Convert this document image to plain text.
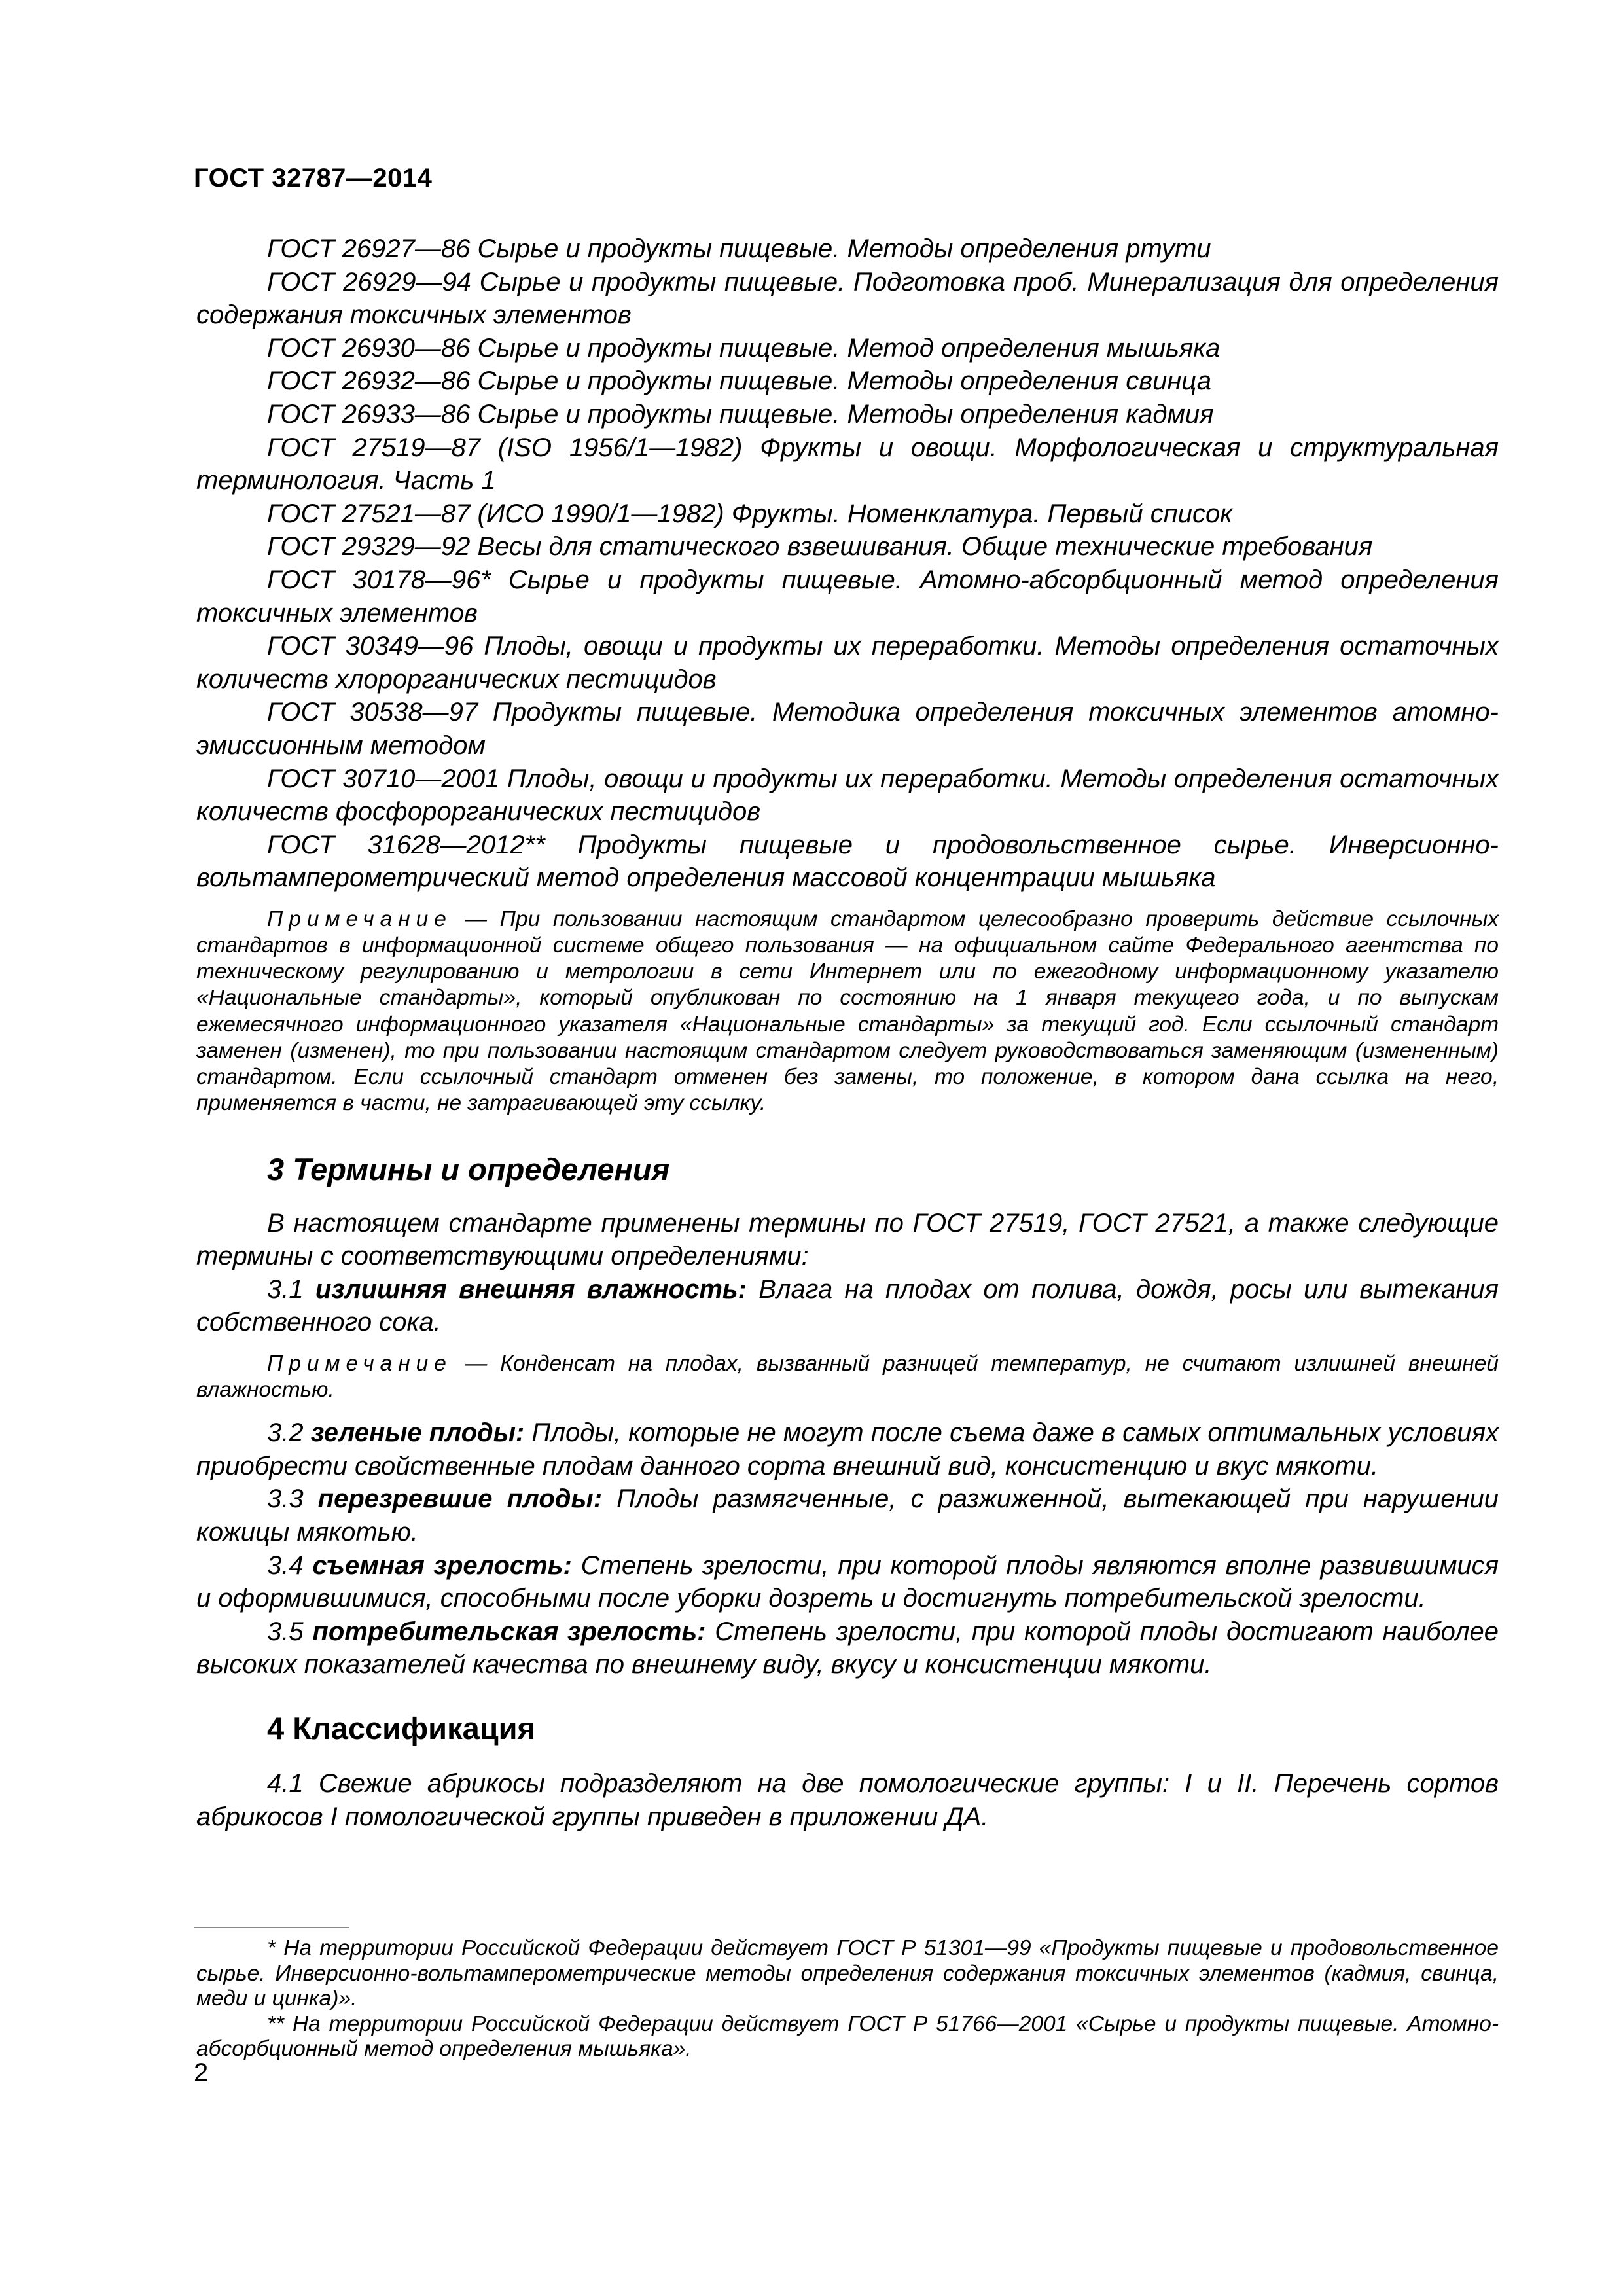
ГОСТ 32787—2014

ГОСТ 26927—86 Сырье и продукты пищевые. Методы определения ртути

ГОСТ 26929—94 Сырье и продукты пищевые. Подготовка проб. Минерализация для определения содержания токсичных элементов

ГОСТ 26930—86 Сырье и продукты пищевые. Метод определения мышьяка

ГОСТ 26932—86 Сырье и продукты пищевые. Методы определения свинца

ГОСТ 26933—86 Сырье и продукты пищевые. Методы определения кадмия

ГОСТ 27519—87 (ISO 1956/1—1982) Фрукты и овощи. Морфологическая и структуральная терминология. Часть 1

ГОСТ 27521—87 (ИСО 1990/1—1982) Фрукты. Номенклатура. Первый список

ГОСТ 29329—92 Весы для статического взвешивания. Общие технические требования

ГОСТ 30178—96* Сырье и продукты пищевые. Атомно-абсорбционный метод определения токсичных элементов

ГОСТ 30349—96 Плоды, овощи и продукты их переработки. Методы определения остаточных количеств хлорорганических пестицидов

ГОСТ 30538—97 Продукты пищевые. Методика определения токсичных элементов атомно-эмиссионным методом

ГОСТ 30710—2001 Плоды, овощи и продукты их переработки. Методы определения остаточных количеств фосфорорганических пестицидов

ГОСТ 31628—2012** Продукты пищевые и продовольственное сырье. Инверсионно-вольтамперометрический метод определения массовой концентрации мышьяка

Примечание — При пользовании настоящим стандартом целесообразно проверить действие ссылочных стандартов в информационной системе общего пользования — на официальном сайте Федерального агентства по техническому регулированию и метрологии в сети Интернет или по ежегодному информационному указателю «Национальные стандарты», который опубликован по состоянию на 1 января текущего года, и по выпускам ежемесячного информационного указателя «Национальные стандарты» за текущий год. Если ссылочный стандарт заменен (изменен), то при пользовании настоящим стандартом следует руководствоваться заменяющим (измененным) стандартом. Если ссылочный стандарт отменен без замены, то положение, в котором дана ссылка на него, применяется в части, не затрагивающей эту ссылку.

3 Термины и определения

В настоящем стандарте применены термины по ГОСТ 27519, ГОСТ 27521, а также следующие термины с соответствующими определениями:

3.1 излишняя внешняя влажность: Влага на плодах от полива, дождя, росы или вытекания собственного сока.

Примечание — Конденсат на плодах, вызванный разницей температур, не считают излишней внешней влажностью.

3.2 зеленые плоды: Плоды, которые не могут после съема даже в самых оптимальных условиях приобрести свойственные плодам данного сорта внешний вид, консистенцию и вкус мякоти.

3.3 перезревшие плоды: Плоды размягченные, с разжиженной, вытекающей при нарушении кожицы мякотью.

3.4 съемная зрелость: Степень зрелости, при которой плоды являются вполне развившимися и оформившимися, способными после уборки дозреть и достигнуть потребительской зрелости.

3.5 потребительская зрелость: Степень зрелости, при которой плоды достигают наиболее высоких показателей качества по внешнему виду, вкусу и консистенции мякоти.

4 Классификация

4.1 Свежие абрикосы подразделяют на две помологические группы: I и II. Перечень сортов абрикосов I помологической группы приведен в приложении ДА.

* На территории Российской Федерации действует ГОСТ Р 51301—99 «Продукты пищевые и продовольственное сырье. Инверсионно-вольтамперометрические методы определения содержания токсичных элементов (кадмия, свинца, меди и цинка)».

** На территории Российской Федерации действует ГОСТ Р 51766—2001 «Сырье и продукты пищевые. Атомно-абсорбционный метод определения мышьяка».

2
